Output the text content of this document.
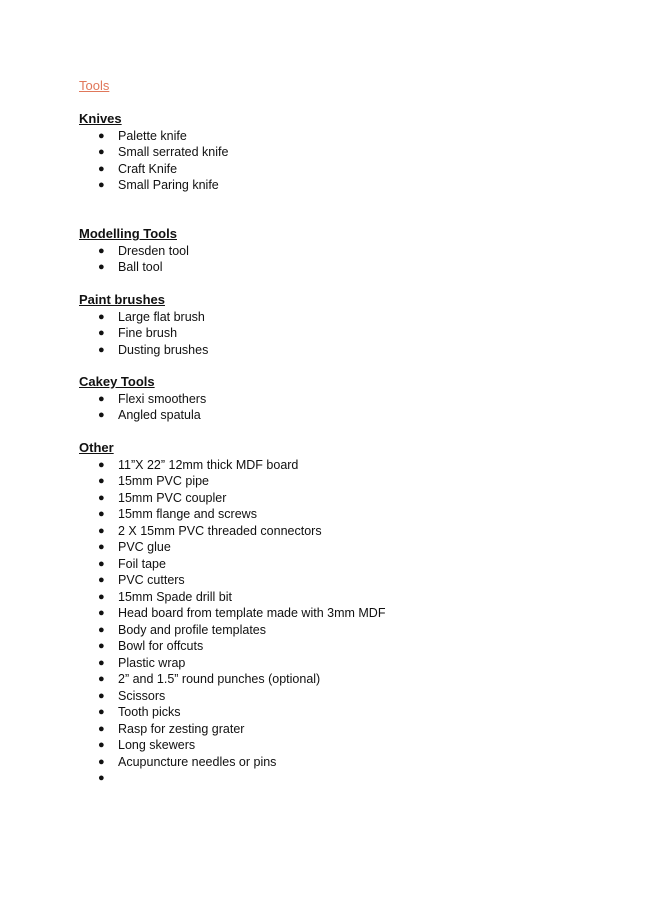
Tools
Knives
● Palette knife
● Small serrated knife
● Craft Knife
● Small Paring knife
Modelling Tools
● Dresden tool
● Ball tool
Paint brushes
● Large flat brush
● Fine brush
● Dusting brushes
Cakey Tools
● Flexi smoothers
● Angled spatula
Other
● 11”X 22” 12mm thick MDF board
● 15mm PVC pipe
● 15mm PVC coupler
● 15mm flange and screws
● 2 X 15mm PVC threaded connectors
● PVC glue
● Foil tape
● PVC cutters
● 15mm Spade drill bit
● Head board from template made with 3mm MDF
● Body and profile templates
● Bowl for offcuts
● Plastic wrap
● 2” and 1.5” round punches (optional)
● Scissors
● Tooth picks
● Rasp for zesting grater
● Long skewers
● Acupuncture needles or pins
●
